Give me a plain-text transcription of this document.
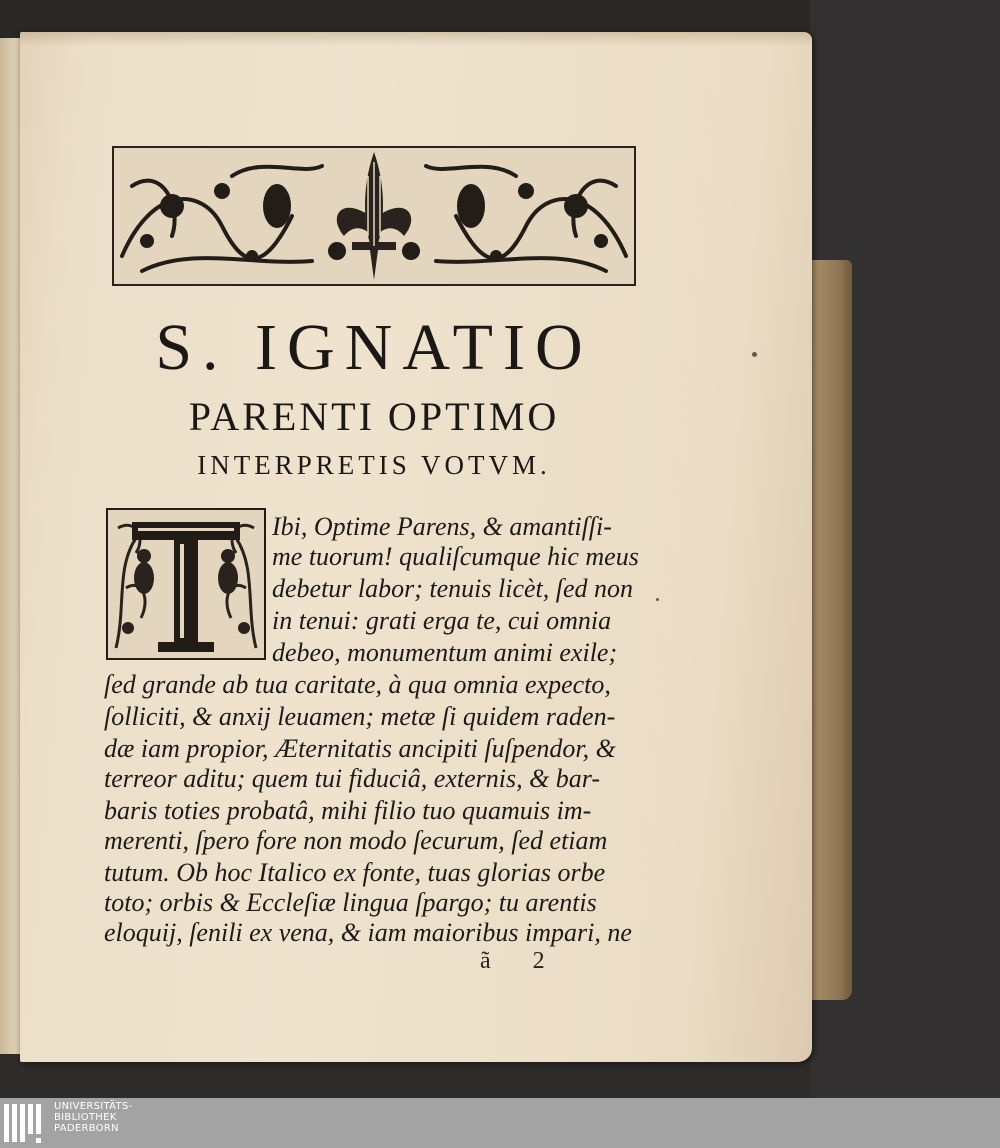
S. IGNATIO
PARENTI OPTIMO
INTERPRETIS VOTVM.
Ibi, Optime Parens, & amantiſſi-
me tuorum! qualiſcumque hic meus
debetur labor; tenuis licèt, ſed non
in tenui: grati erga te, cui omnia
debeo, monumentum animi exile;
ſed grande ab tua caritate, à qua omnia expecto,
ſolliciti, & anxij leuamen; metæ ſi quidem raden-
dæ iam propior, Æternitatis ancipiti ſuſpendor, &
terreor aditu; quem tui fiduciâ, externis, & bar-
baris toties probatâ, mihi filio tuo quamuis im-
merenti, ſpero fore non modo ſecurum, ſed etiam
tutum. Ob hoc Italico ex fonte, tuas glorias orbe
toto; orbis & Eccleſiæ lingua ſpargo; tu arentis
eloquij, ſenili ex vena, & iam maioribus impari, ne
ã 2
UNIVERSITÄTS-
BIBLIOTHEK
PADERBORN
